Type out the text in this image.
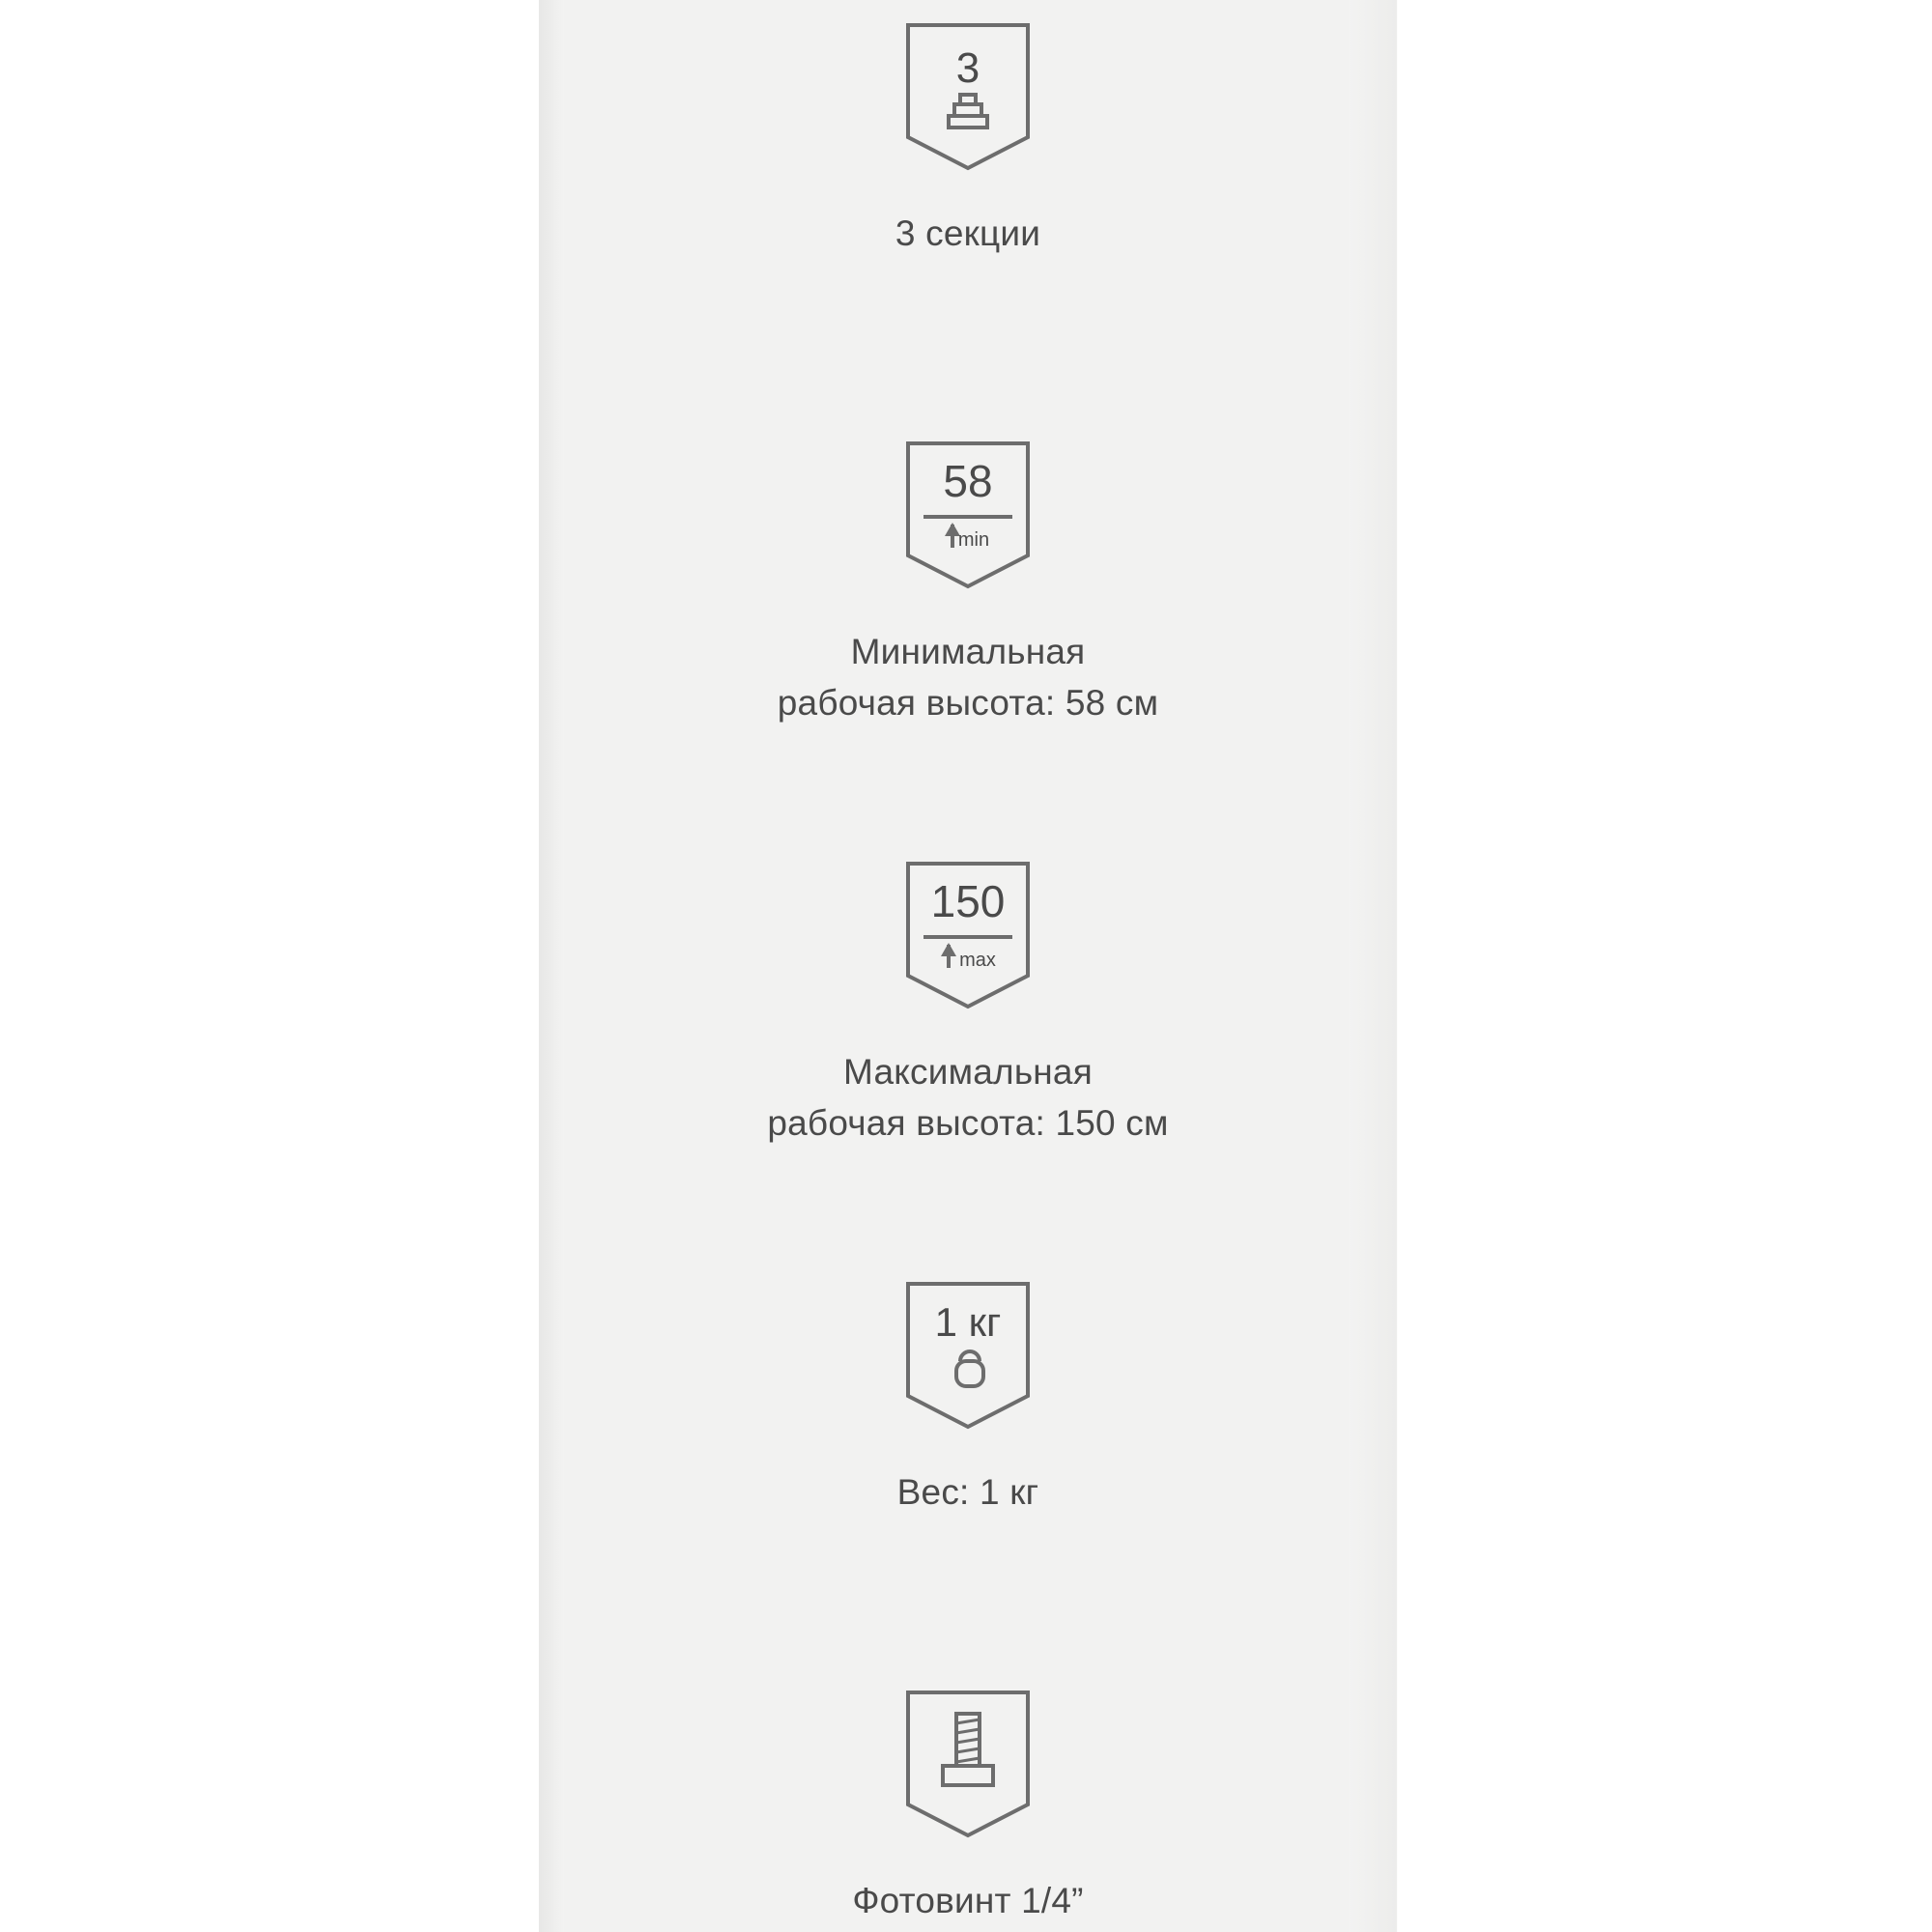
3
3 секции
min
58
Минимальная
рабочая высота: 58 см
max
150
Максимальная
рабочая высота: 150 см
1 кг
Вес: 1 кг
Фотовинт 1/4”
